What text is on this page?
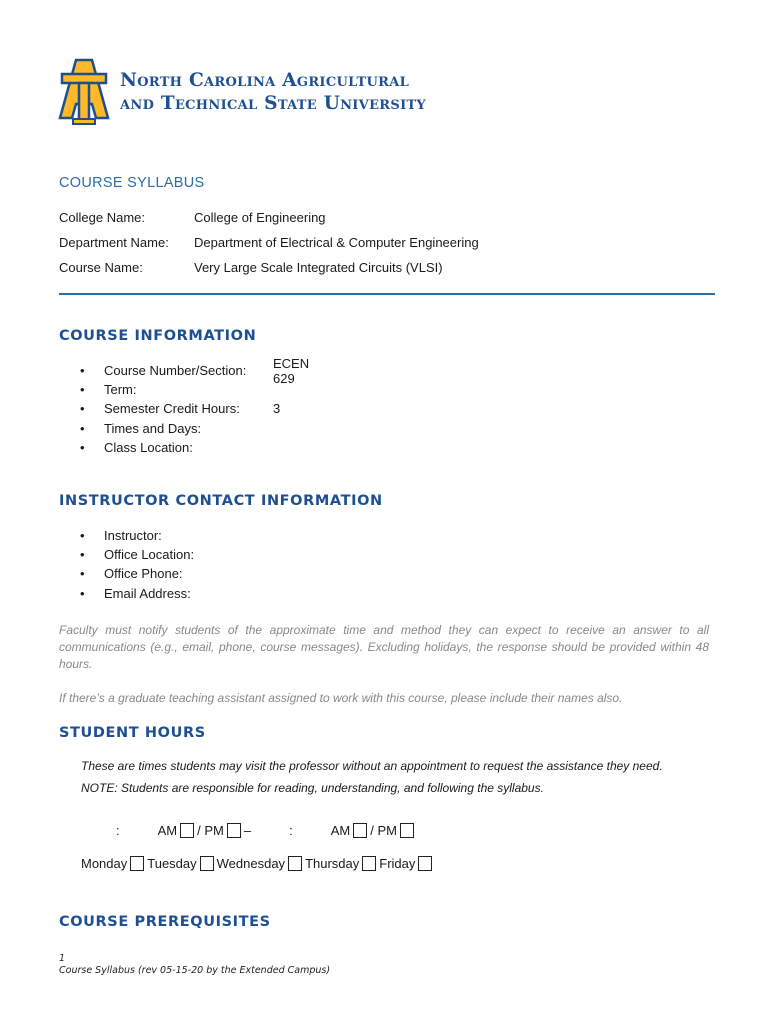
North Carolina Agricultural
and Technical State University
COURSE SYLLABUS
College Name:	College of Engineering
Department Name:	Department of Electrical & Computer Engineering
Course Name:	Very Large Scale Integrated Circuits (VLSI)
COURSE INFORMATION
•	Course Number/Section: ECEN 629
•	Term:
•	Semester Credit Hours:	3
•	Times and Days:
•	Class Location:
INSTRUCTOR CONTACT INFORMATION
•	Instructor:
•	Office Location:
•	Office Phone:
•	Email Address:
Faculty must notify students of the approximate time and method they can expect to receive an answer to all communications (e.g., email, phone, course messages). Excluding holidays, the response should be provided within 48 hours.
If there’s a graduate teaching assistant assigned to work with this course, please include their names also.
STUDENT HOURS
These are times students may visit the professor without an appointment to request the assistance they need.
NOTE: Students are responsible for reading, understanding, and following the syllabus.
:	AM / PM –	:	AM / PM
Monday Tuesday Wednesday Thursday Friday
COURSE PREREQUISITES
1
Course Syllabus (rev 05-15-20 by the Extended Campus)
